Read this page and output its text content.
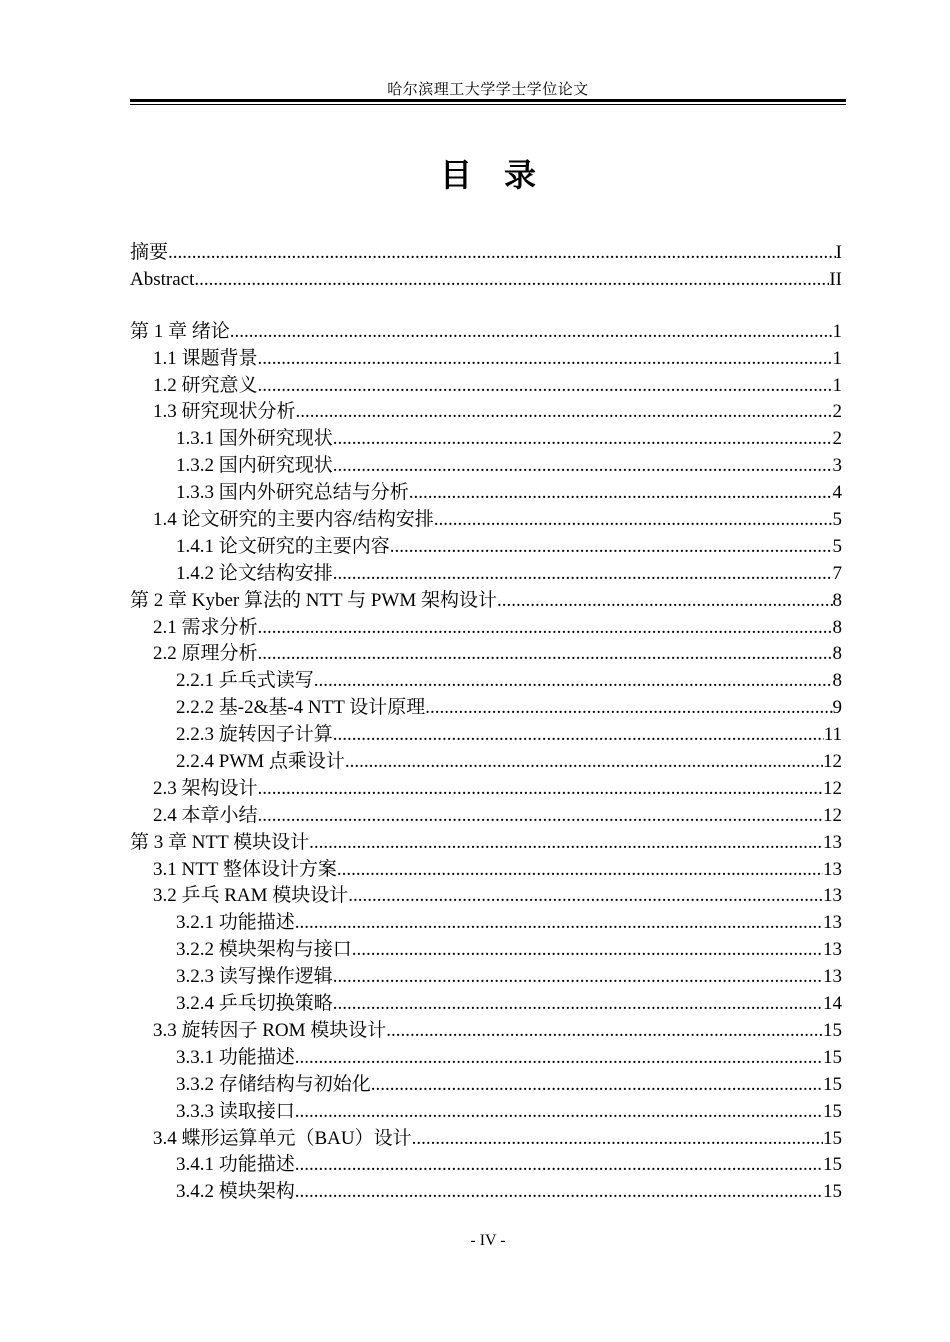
哈尔滨理工大学学士学位论文
目 录
摘要 .....	I
Abstract .....	II
第 1 章 绪论 .....	1
1.1 课题背景 .....	1
1.2 研究意义 .....	1
1.3 研究现状分析 .....	2
1.3.1 国外研究现状 .....	2
1.3.2 国内研究现状 .....	3
1.3.3 国内外研究总结与分析 .....	4
1.4 论文研究的主要内容/结构安排 .....	5
1.4.1 论文研究的主要内容 .....	5
1.4.2 论文结构安排 .....	7
第 2 章 Kyber 算法的 NTT 与 PWM 架构设计 .....	8
2.1 需求分析 .....	8
2.2 原理分析 .....	8
2.2.1 乒乓式读写 .....	8
2.2.2 基-2&基-4 NTT 设计原理 .....	9
2.2.3 旋转因子计算 .....	11
2.2.4 PWM 点乘设计 .....	12
2.3 架构设计 .....	12
2.4 本章小结 .....	12
第 3 章 NTT 模块设计 .....	13
3.1 NTT 整体设计方案 .....	13
3.2 乒乓 RAM 模块设计 .....	13
3.2.1 功能描述 .....	13
3.2.2 模块架构与接口 .....	13
3.2.3 读写操作逻辑 .....	13
3.2.4 乒乓切换策略 .....	14
3.3 旋转因子 ROM 模块设计 .....	15
3.3.1 功能描述 .....	15
3.3.2 存储结构与初始化 .....	15
3.3.3 读取接口 .....	15
3.4 蝶形运算单元（BAU）设计 .....	15
3.4.1 功能描述 .....	15
3.4.2 模块架构 .....	15
- IV -
